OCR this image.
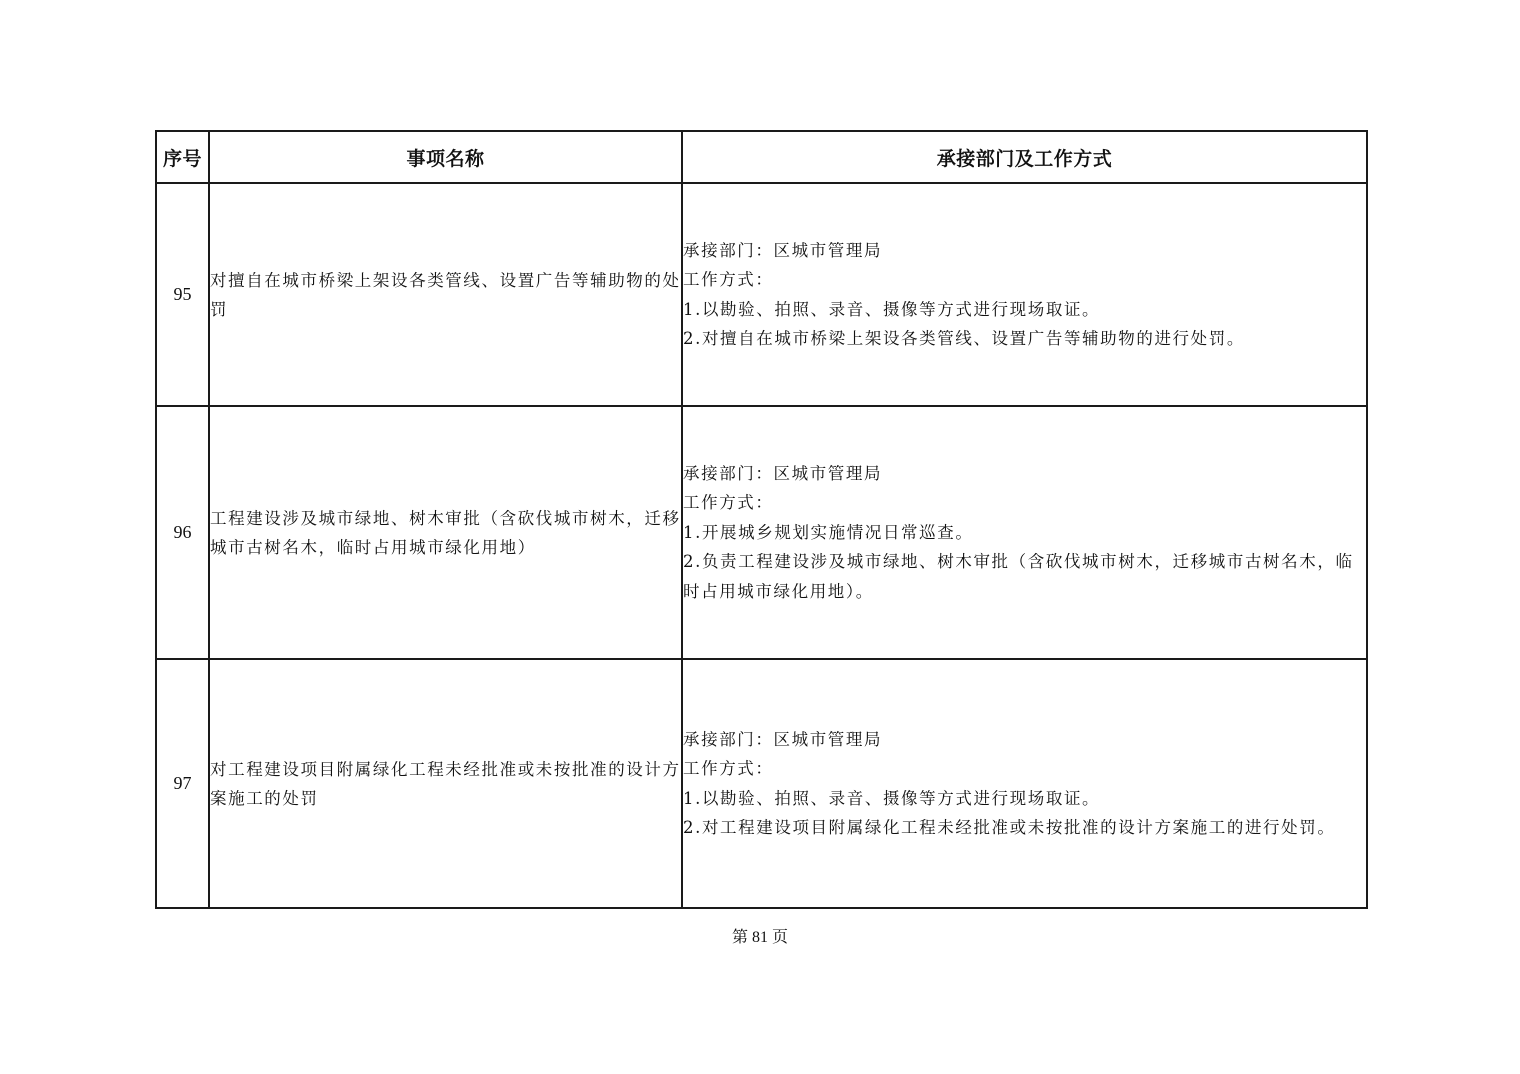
序号	事项名称	承接部门及工作方式
95	对擅自在城市桥梁上架设各类管线、设置广告等辅助物的处罚	承接部门：区城市管理局
工作方式：
1.以勘验、拍照、录音、摄像等方式进行现场取证。
2.对擅自在城市桥梁上架设各类管线、设置广告等辅助物的进行处罚。

96	工程建设涉及城市绿地、树木审批（含砍伐城市树木，迁移城市古树名木，临时占用城市绿化用地）	承接部门：区城市管理局
工作方式：
1.开展城乡规划实施情况日常巡查。
2.负责工程建设涉及城市绿地、树木审批（含砍伐城市树木，迁移城市古树名木，临时占用城市绿化用地）。

97	对工程建设项目附属绿化工程未经批准或未按批准的设计方案施工的处罚	承接部门：区城市管理局
工作方式：
1.以勘验、拍照、录音、摄像等方式进行现场取证。
2.对工程建设项目附属绿化工程未经批准或未按批准的设计方案施工的进行处罚。
第 81 页
